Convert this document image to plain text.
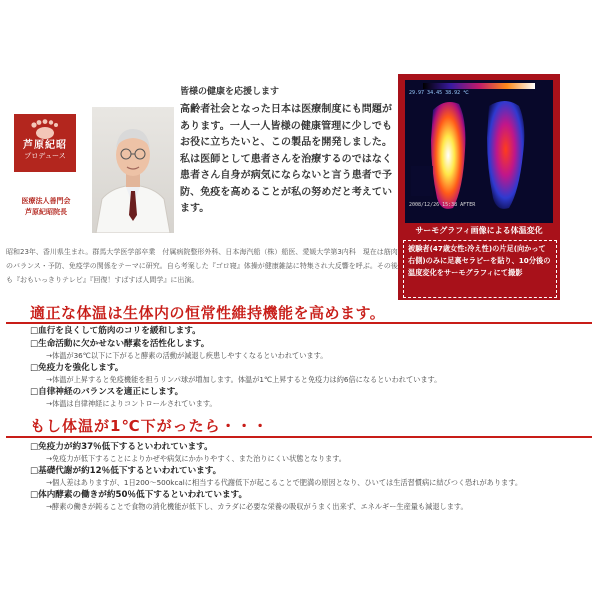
芦原紀昭
プロデュース
医療法人善門会
芦原紀昭院長
皆様の健康を応援します
高齢者社会となった日本は医療制度にも問題があります。一人一人皆様の健康管理に少しでもお役に立ちたいと、この製品を開発しました。私は医師として患者さんを治療するのではなく患者さん自身が病気にならないと言う患者で予防、免疫を高めることが私の努めだと考えています。
昭和23年、香川県生まれ。群馬大学医学部卒業　付属病院整形外科、日本海汽船（株）船医、愛媛大学第3内科　現在は筋肉のバランス・予防、免疫学の関係をテーマに研究。自ら考案した『ゴロ寝』体操が健康雑誌に特集され大反響を呼ぶ。その後も『おもいっきりテレビ』『回復！すばすば人間学』に出演。
29.97 34.45 38.92 ℃
2008/12/26 15:38 AFTER
サーモグラフィ画像による体温変化
被験者(47歳女性:冷え性)の片足(向かって右側)のみに足裏セラピーを貼り、10分後の温度変化をサーモグラフィにて撮影
適正な体温は生体内の恒常性維持機能を高めます。
□血行を良くして筋肉のコリを緩和します。
□生命活動に欠かせない酵素を活性化します。
→体温が36℃以下に下がると酵素の活動が減退し疾患しやすくなるといわれています。
□免疫力を強化します。
→体温が上昇すると免疫機能を担うリンパ球が増加します。体温が1℃上昇すると免疫力は約6倍になるといわれています。
□自律神経のバランスを適正にします。
→体温は自律神経によりコントロールされています。
もし体温が1℃下がったら・・・
□免疫力が約37％低下するといわれています。
→免疫力が低下することによりかぜや病気にかかりやすく、また治りにくい状態となります。
□基礎代謝が約12％低下するといわれています。
→個人差はありますが、1日200～500kcalに相当する代謝低下が起こることで肥満の原因となり、ひいては生活習慣病に結びつく恐れがあります。
□体内酵素の働きが約50％低下するといわれています。
→酵素の働きが鈍ることで食物の消化機能が低下し、カラダに必要な栄養の吸収がうまく出来ず、エネルギー生産量も減退します。
